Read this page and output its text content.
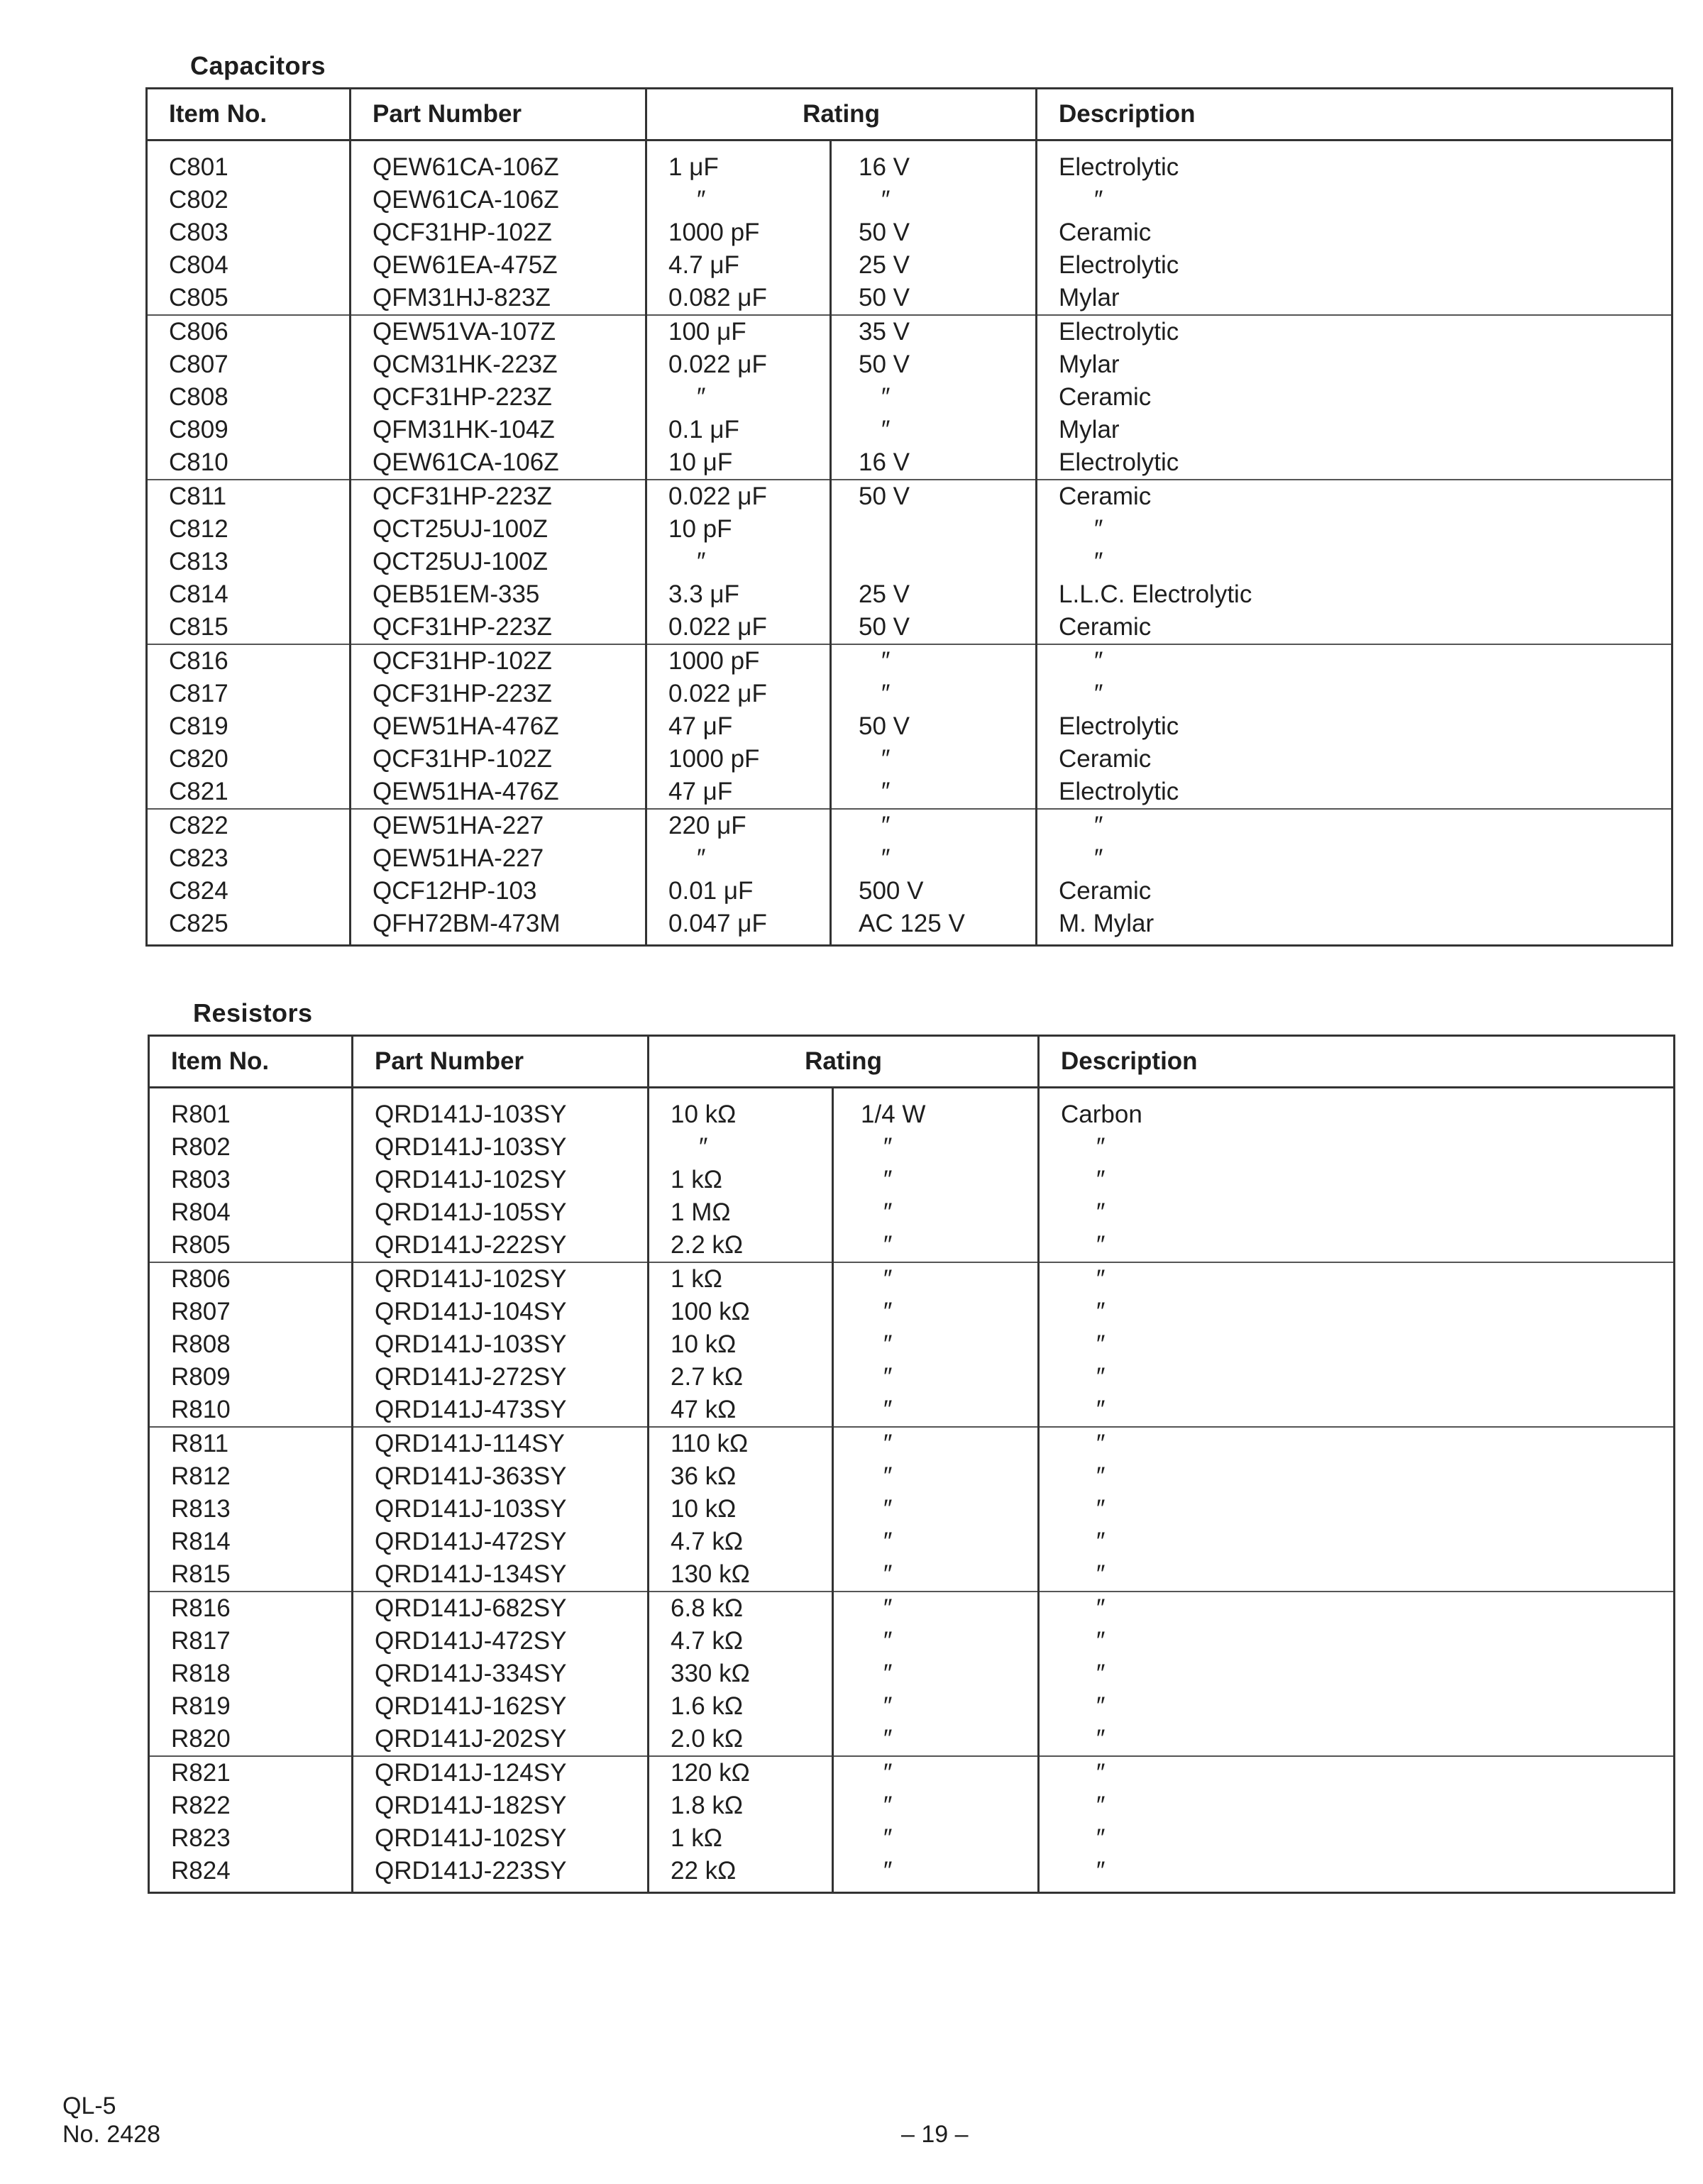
Capacitors
Item No.	Part Number	Rating		Description
C801	QEW61CA-106Z	1 μF	16 V	Electrolytic
C802	QEW61CA-106Z	″	″	″
C803	QCF31HP-102Z	1000 pF	50 V	Ceramic
C804	QEW61EA-475Z	4.7 μF	25 V	Electrolytic
C805	QFM31HJ-823Z	0.082 μF	50 V	Mylar
C806	QEW51VA-107Z	100 μF	35 V	Electrolytic
C807	QCM31HK-223Z	0.022 μF	50 V	Mylar
C808	QCF31HP-223Z	″	″	Ceramic
C809	QFM31HK-104Z	0.1 μF	″	Mylar
C810	QEW61CA-106Z	10 μF	16 V	Electrolytic
C811	QCF31HP-223Z	0.022 μF	50 V	Ceramic
C812	QCT25UJ-100Z	10 pF		″
C813	QCT25UJ-100Z	″		″
C814	QEB51EM-335	3.3 μF	25 V	L.L.C. Electrolytic
C815	QCF31HP-223Z	0.022 μF	50 V	Ceramic
C816	QCF31HP-102Z	1000 pF	″	″
C817	QCF31HP-223Z	0.022 μF	″	″
C819	QEW51HA-476Z	47 μF	50 V	Electrolytic
C820	QCF31HP-102Z	1000 pF	″	Ceramic
C821	QEW51HA-476Z	47 μF	″	Electrolytic
C822	QEW51HA-227	220 μF	″	″
C823	QEW51HA-227	″	″	″
C824	QCF12HP-103	0.01 μF	500 V	Ceramic
C825	QFH72BM-473M	0.047 μF	AC 125 V	M. Mylar
Resistors
Item No.	Part Number	Rating		Description
R801	QRD141J-103SY	10 kΩ	1/4 W	Carbon
R802	QRD141J-103SY	″	″	″
R803	QRD141J-102SY	1 kΩ	″	″
R804	QRD141J-105SY	1 MΩ	″	″
R805	QRD141J-222SY	2.2 kΩ	″	″
R806	QRD141J-102SY	1 kΩ	″	″
R807	QRD141J-104SY	100 kΩ	″	″
R808	QRD141J-103SY	10 kΩ	″	″
R809	QRD141J-272SY	2.7 kΩ	″	″
R810	QRD141J-473SY	47 kΩ	″	″
R811	QRD141J-114SY	110 kΩ	″	″
R812	QRD141J-363SY	36 kΩ	″	″
R813	QRD141J-103SY	10 kΩ	″	″
R814	QRD141J-472SY	4.7 kΩ	″	″
R815	QRD141J-134SY	130 kΩ	″	″
R816	QRD141J-682SY	6.8 kΩ	″	″
R817	QRD141J-472SY	4.7 kΩ	″	″
R818	QRD141J-334SY	330 kΩ	″	″
R819	QRD141J-162SY	1.6 kΩ	″	″
R820	QRD141J-202SY	2.0 kΩ	″	″
R821	QRD141J-124SY	120 kΩ	″	″
R822	QRD141J-182SY	1.8 kΩ	″	″
R823	QRD141J-102SY	1 kΩ	″	″
R824	QRD141J-223SY	22 kΩ	″	″
QL-5
No. 2428	– 19 –
